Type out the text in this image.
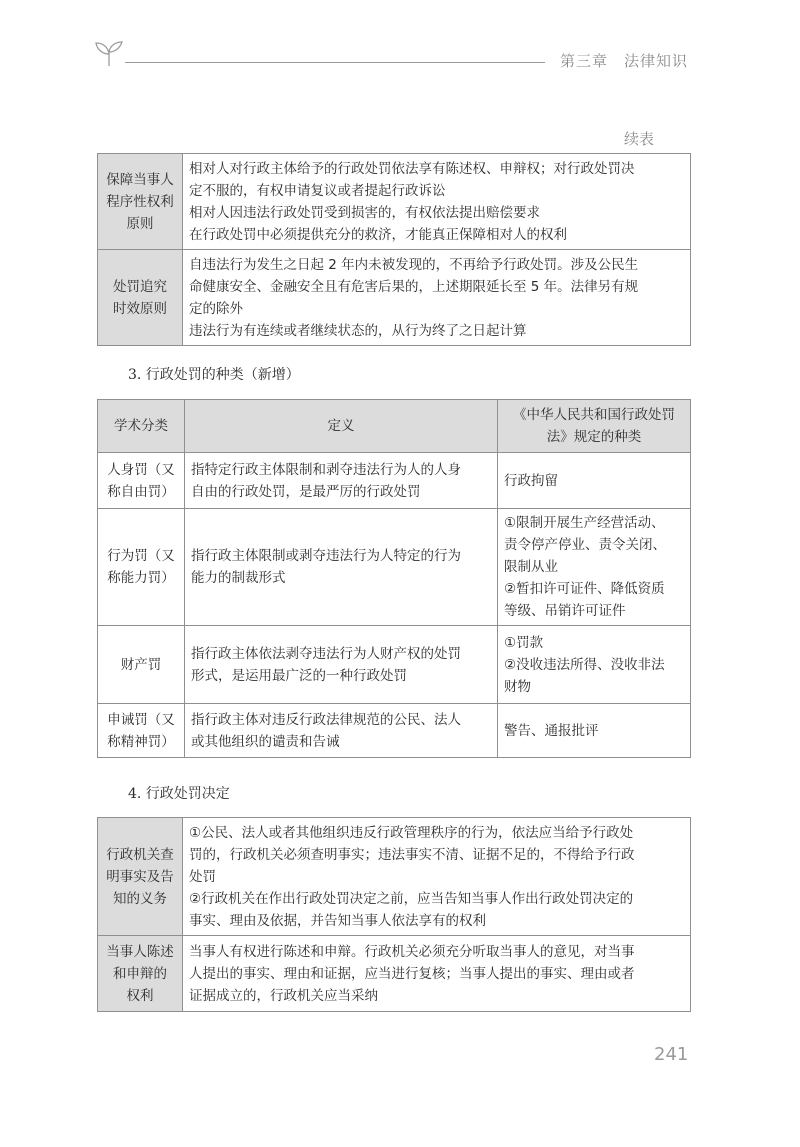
第三章　法律知识
续表
保障当事人
程序性权利
原则	相对人对行政主体给予的行政处罚依法享有陈述权、申辩权；对行政处罚决
定不服的，有权申请复议或者提起行政诉讼
相对人因违法行政处罚受到损害的，有权依法提出赔偿要求
在行政处罚中必须提供充分的救济，才能真正保障相对人的权利

处罚追究
时效原则	自违法行为发生之日起 2 年内未被发现的，不再给予行政处罚。涉及公民生
命健康安全、金融安全且有危害后果的，上述期限延长至 5 年。法律另有规
定的除外
违法行为有连续或者继续状态的，从行为终了之日起计算
3. 行政处罚的种类（新增）
学术分类	定义	《中华人民共和国行政处罚
法》规定的种类

人身罚（又
称自由罚）	指特定行政主体限制和剥夺违法行为人的人身
自由的行政处罚，是最严厉的行政处罚	行政拘留

行为罚（又
称能力罚）	指行政主体限制或剥夺违法行为人特定的行为
能力的制裁形式	①限制开展生产经营活动、
责令停产停业、责令关闭、
限制从业
②暂扣许可证件、降低资质
等级、吊销许可证件

财产罚	指行政主体依法剥夺违法行为人财产权的处罚
形式，是运用最广泛的一种行政处罚	①罚款
②没收违法所得、没收非法
财物

申诫罚（又
称精神罚）	指行政主体对违反行政法律规范的公民、法人
或其他组织的谴责和告诫	警告、通报批评
4. 行政处罚决定
行政机关查
明事实及告
知的义务	①公民、法人或者其他组织违反行政管理秩序的行为，依法应当给予行政处
罚的，行政机关必须查明事实；违法事实不清、证据不足的，不得给予行政
处罚
②行政机关在作出行政处罚决定之前，应当告知当事人作出行政处罚决定的
事实、理由及依据，并告知当事人依法享有的权利

当事人陈述
和申辩的
权利	当事人有权进行陈述和申辩。行政机关必须充分听取当事人的意见，对当事
人提出的事实、理由和证据，应当进行复核；当事人提出的事实、理由或者
证据成立的，行政机关应当采纳
241
